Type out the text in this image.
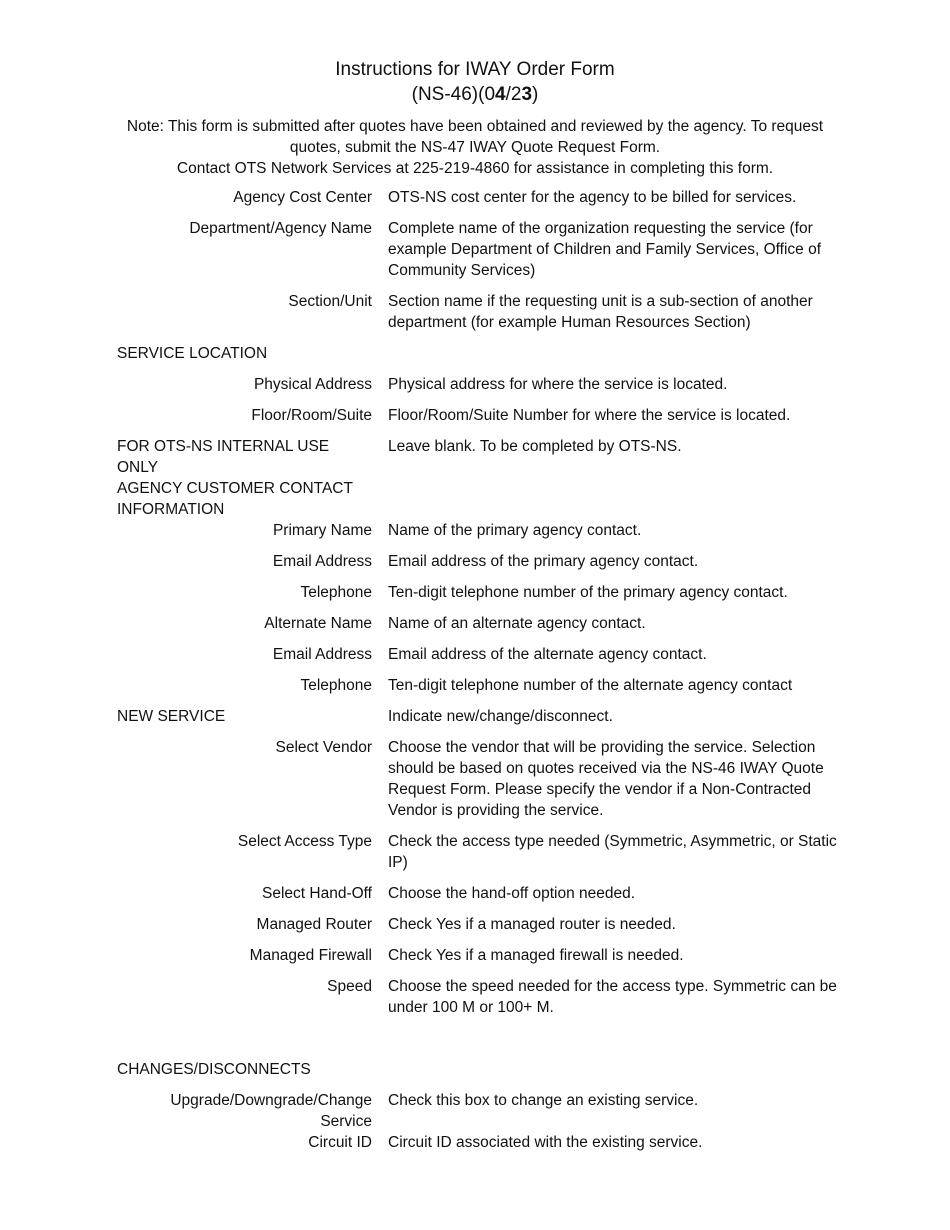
Instructions for IWAY Order Form
(NS-46)(04/23)
Note: This form is submitted after quotes have been obtained and reviewed by the agency. To request quotes, submit the NS-47 IWAY Quote Request Form.
Contact OTS Network Services at 225-219-4860 for assistance in completing this form.
Agency Cost Center OTS-NS cost center for the agency to be billed for services.
Department/Agency Name Complete name of the organization requesting the service (for example Department of Children and Family Services, Office of Community Services)
Section/Unit Section name if the requesting unit is a sub-section of another department (for example Human Resources Section)
SERVICE LOCATION
Physical Address Physical address for where the service is located.
Floor/Room/Suite Floor/Room/Suite Number for where the service is located.
FOR OTS-NS INTERNAL USE ONLY
Leave blank. To be completed by OTS-NS.
AGENCY CUSTOMER CONTACT INFORMATION
Primary Name Name of the primary agency contact.
Email Address Email address of the primary agency contact.
Telephone Ten-digit telephone number of the primary agency contact.
Alternate Name Name of an alternate agency contact.
Email Address Email address of the alternate agency contact.
Telephone Ten-digit telephone number of the alternate agency contact
NEW SERVICE	Indicate new/change/disconnect.
Select Vendor Choose the vendor that will be providing the service. Selection should be based on quotes received via the NS-46 IWAY Quote Request Form. Please specify the vendor if a Non-Contracted Vendor is providing the service.
Select Access Type Check the access type needed (Symmetric, Asymmetric, or Static IP)
Select Hand-Off Choose the hand-off option needed.
Managed Router Check Yes if a managed router is needed.
Managed Firewall Check Yes if a managed firewall is needed.
Speed Choose the speed needed for the access type. Symmetric can be under 100 M or 100+ M.
CHANGES/DISCONNECTS
Upgrade/Downgrade/Change Service
Check this box to change an existing service.
Circuit ID Circuit ID associated with the existing service.
